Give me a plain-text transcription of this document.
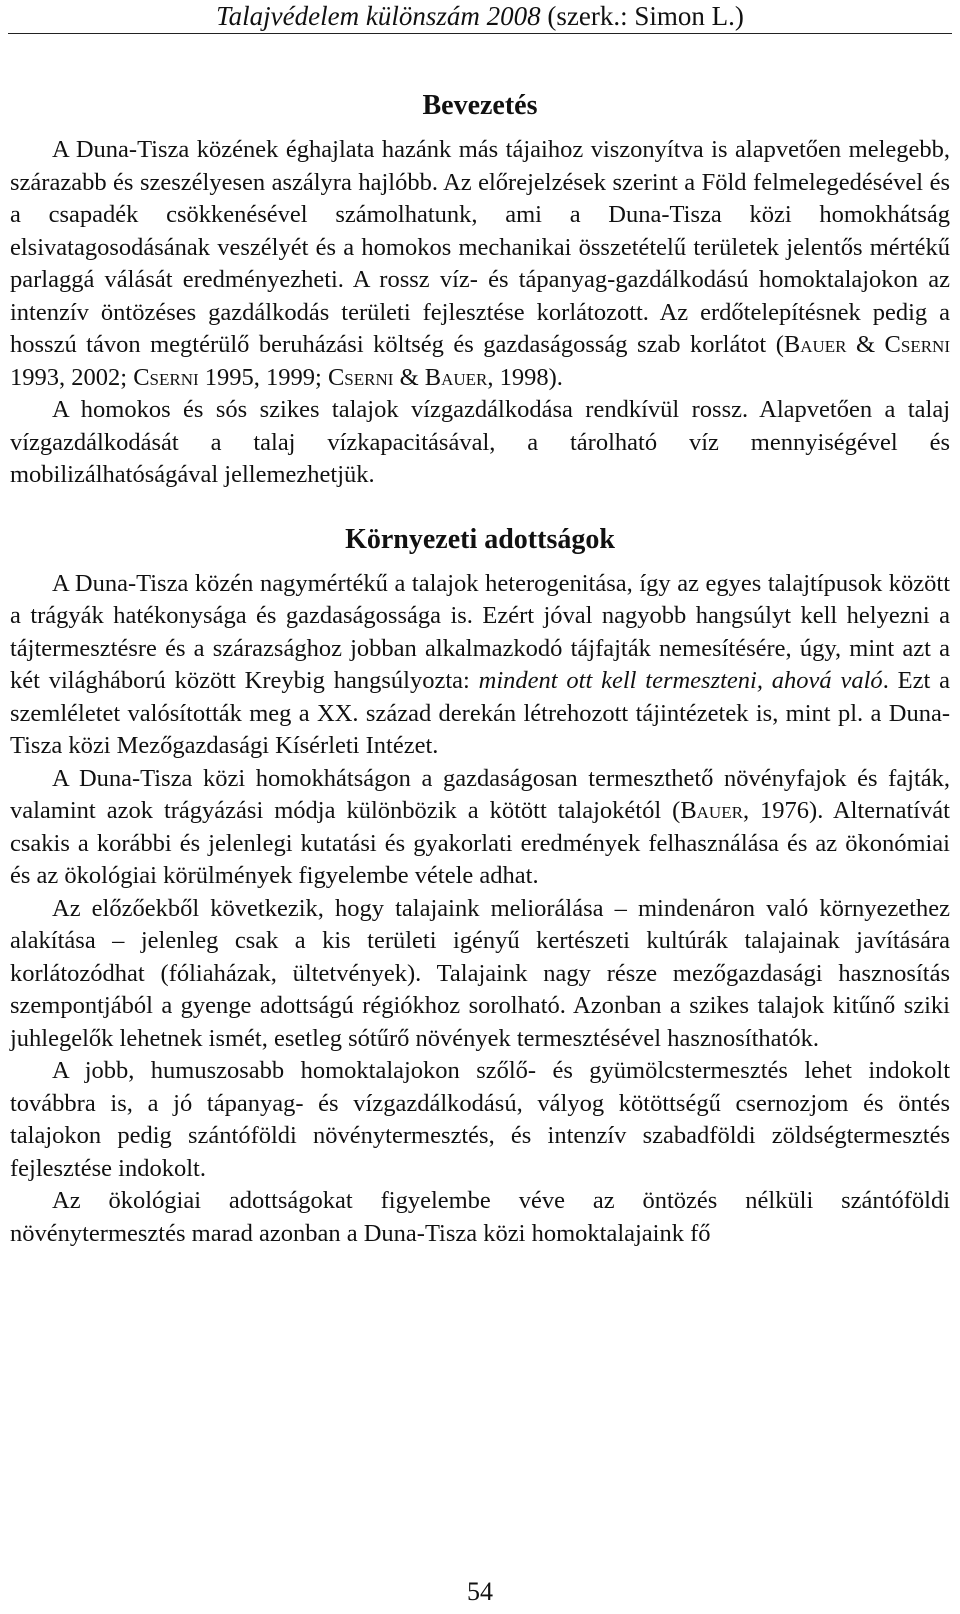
Talajvédelem különszám 2008 (szerk.: Simon L.)
Bevezetés

A Duna-Tisza közének éghajlata hazánk más tájaihoz viszonyítva is alapvetően melegebb, szárazabb és szeszélyesen aszályra hajlóbb. Az előrejelzések szerint a Föld felmelegedésével és a csapadék csökkenésével számolhatunk, ami a Duna-Tisza közi homokhátság elsivatagosodásának veszélyét és a homokos mechanikai összetételű területek jelentős mértékű parlaggá válását eredményezheti. A rossz víz- és tápanyag-gazdálkodású homoktalajokon az intenzív öntözéses gazdálkodás területi fejlesztése korlátozott. Az erdőtelepítésnek pedig a hosszú távon megtérülő beruházási költség és gazdaságosság szab korlátot (Bauer & Cserni 1993, 2002; Cserni 1995, 1999; Cserni & Bauer, 1998).

A homokos és sós szikes talajok vízgazdálkodása rendkívül rossz. Alapvetően a talaj vízgazdálkodását a talaj vízkapacitásával, a tárolható víz mennyiségével és mobilizálhatóságával jellemezhetjük.

Környezeti adottságok

A Duna-Tisza közén nagymértékű a talajok heterogenitása, így az egyes talajtípusok között a trágyák hatékonysága és gazdaságossága is. Ezért jóval nagyobb hangsúlyt kell helyezni a tájtermesztésre és a szárazsághoz jobban alkalmazkodó tájfajták nemesítésére, úgy, mint azt a két világháború között Kreybig hangsúlyozta: mindent ott kell termeszteni, ahová való. Ezt a szemléletet valósították meg a XX. század derekán létrehozott tájintézetek is, mint pl. a Duna-Tisza közi Mezőgazdasági Kísérleti Intézet.

A Duna-Tisza közi homokhátságon a gazdaságosan termeszthető növényfajok és fajták, valamint azok trágyázási módja különbözik a kötött talajokétól (Bauer, 1976). Alternatívát csakis a korábbi és jelenlegi kutatási és gyakorlati eredmények felhasználása és az ökonómiai és az ökológiai körülmények figyelembe vétele adhat.

Az előzőekből következik, hogy talajaink meliorálása – mindenáron való környezethez alakítása – jelenleg csak a kis területi igényű kertészeti kultúrák talajainak javítására korlátozódhat (fóliaházak, ültetvények). Talajaink nagy része mezőgazdasági hasznosítás szempontjából a gyenge adottságú régiókhoz sorolható. Azonban a szikes talajok kitűnő sziki juhlegelők lehetnek ismét, esetleg sótűrő növények termesztésével hasznosíthatók.

A jobb, humuszosabb homoktalajokon szőlő- és gyümölcstermesztés lehet indokolt továbbra is, a jó tápanyag- és vízgazdálkodású, vályog kötöttségű csernozjom és öntés talajokon pedig szántóföldi növénytermesztés, és intenzív szabadföldi zöldségtermesztés fejlesztése indokolt.

Az ökológiai adottságokat figyelembe véve az öntözés nélküli szántóföldi növénytermesztés marad azonban a Duna-Tisza közi homoktalajaink fő

54
